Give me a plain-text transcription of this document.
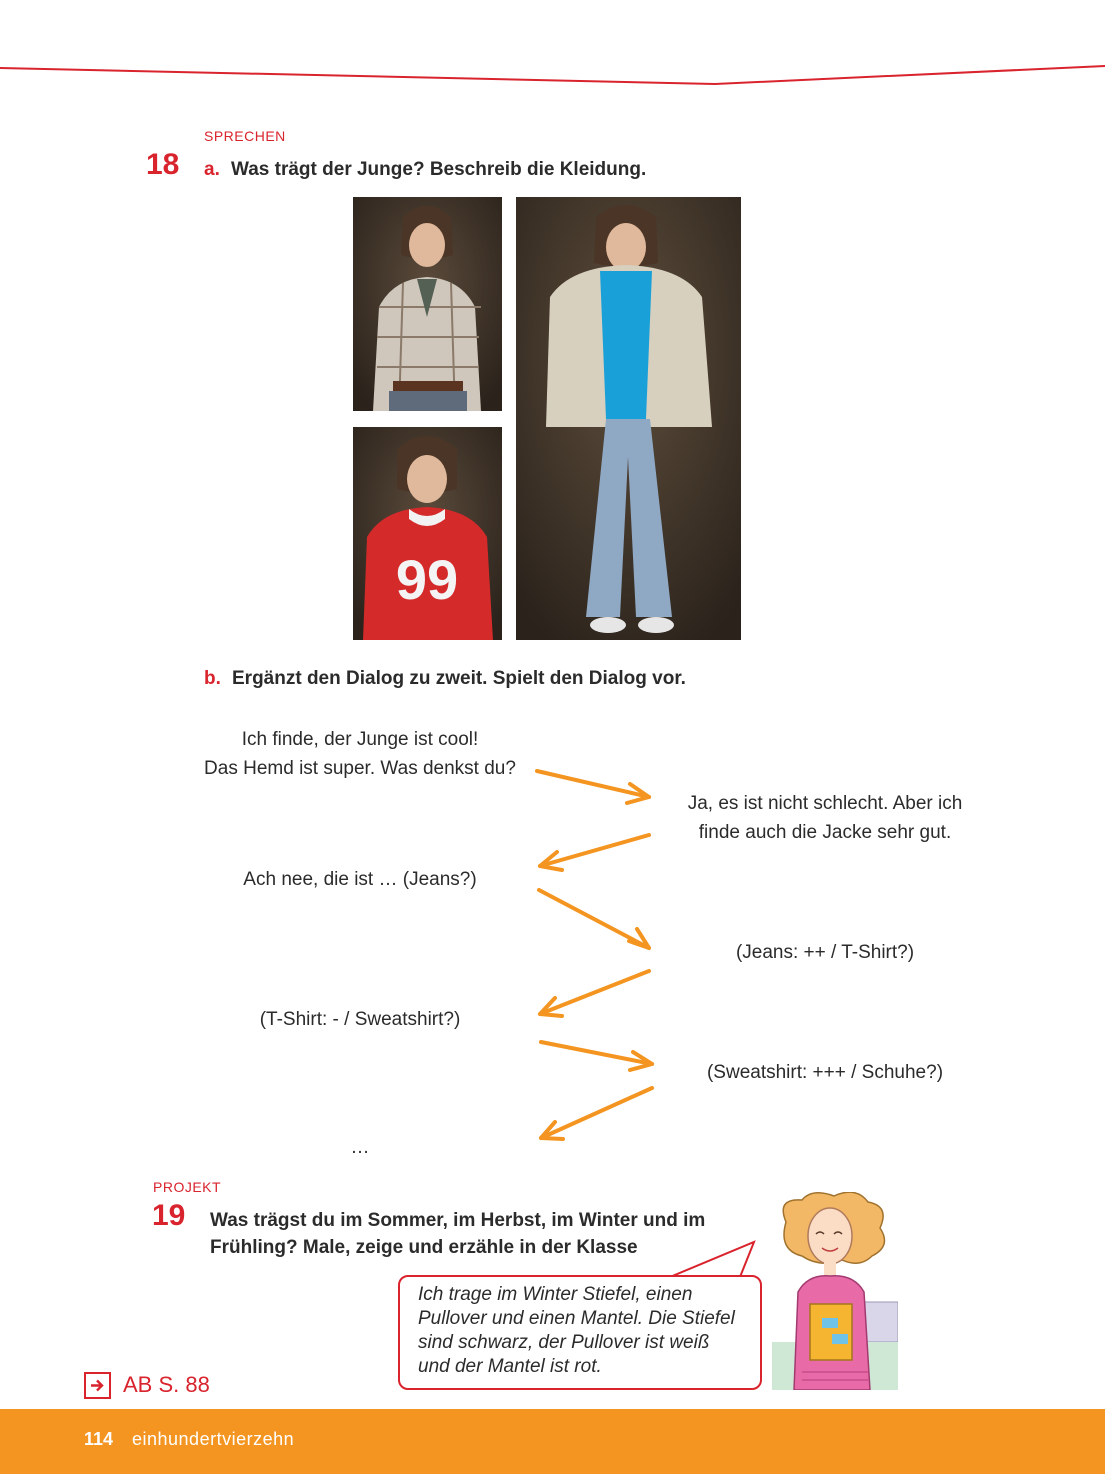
SPRECHEN
18 a. Was trägt der Junge? Beschreib die Kleidung.
99
b. Ergänzt den Dialog zu zweit. Spielt den Dialog vor.
Ich finde, der Junge ist cool!
Das Hemd ist super. Was denkst du?
Ja, es ist nicht schlecht. Aber ich
finde auch die Jacke sehr gut.
Ach nee, die ist … (Jeans?)
(Jeans: ++ / T-Shirt?)
(T-Shirt: - / Sweatshirt?)
(Sweatshirt: +++ / Schuhe?)
…
PROJEKT
19 Was trägst du im Sommer, im Herbst, im Winter und im
Frühling? Male, zeige und erzähle in der Klasse
Ich trage im Winter Stiefel, einen
Pullover und einen Mantel. Die Stiefel
sind schwarz, der Pullover ist weiß
und der Mantel ist rot.
AB S. 88
114 einhundertvierzehn
